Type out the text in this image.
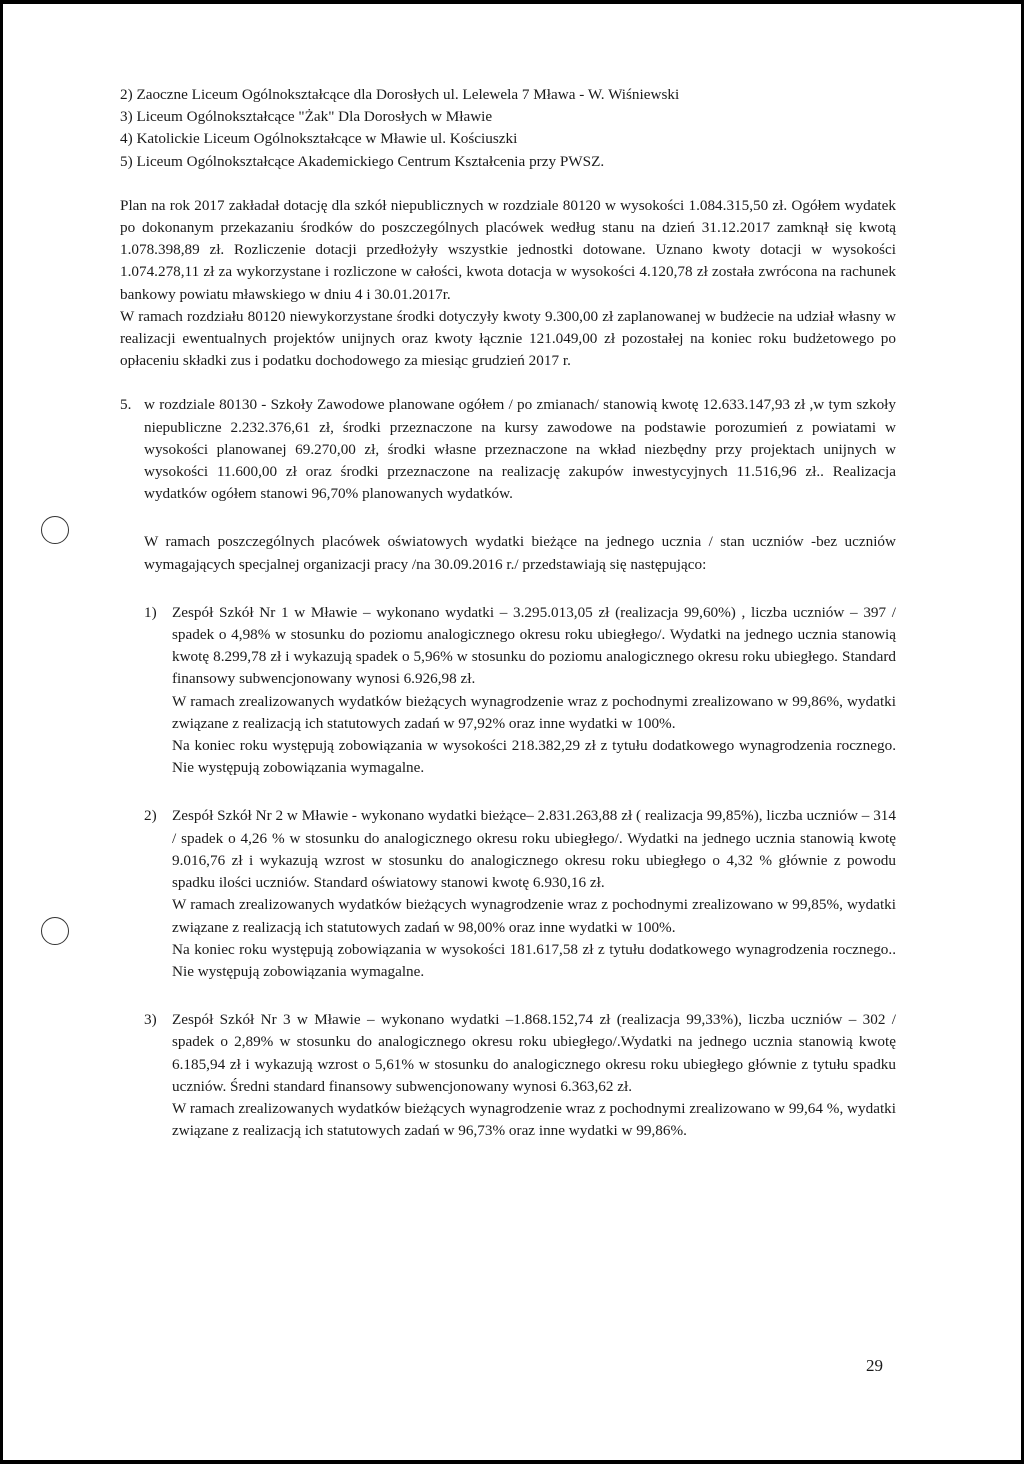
2) Zaoczne Liceum Ogólnokształcące dla Dorosłych ul. Lelewela 7 Mława - W. Wiśniewski

3) Liceum Ogólnokształcące "Żak" Dla Dorosłych w Mławie

4) Katolickie Liceum Ogólnokształcące w Mławie ul. Kościuszki

5) Liceum Ogólnokształcące Akademickiego Centrum Kształcenia przy PWSZ.

Plan na rok 2017 zakładał dotację dla szkół niepublicznych w rozdziale 80120 w wysokości 1.084.315,50 zł. Ogółem wydatek po dokonanym przekazaniu środków do poszczególnych placówek według stanu na dzień 31.12.2017 zamknął się kwotą 1.078.398,89 zł. Rozliczenie dotacji przedłożyły wszystkie jednostki dotowane. Uznano kwoty dotacji w wysokości 1.074.278,11 zł za wykorzystane i rozliczone w całości, kwota dotacja w wysokości 4.120,78 zł została zwrócona na rachunek bankowy powiatu mławskiego w dniu 4 i 30.01.2017r.

W ramach rozdziału 80120 niewykorzystane środki dotyczyły kwoty 9.300,00 zł zaplanowanej w budżecie na udział własny w realizacji ewentualnych projektów unijnych oraz kwoty łącznie 121.049,00 zł pozostałej na koniec roku budżetowego po opłaceniu składki zus i podatku dochodowego za miesiąc grudzień 2017 r.

5. w rozdziale 80130 - Szkoły Zawodowe planowane ogółem / po zmianach/ stanowią kwotę 12.633.147,93 zł ,w tym szkoły niepubliczne 2.232.376,61 zł, środki przeznaczone na kursy zawodowe na podstawie porozumień z powiatami w wysokości planowanej 69.270,00 zł, środki własne przeznaczone na wkład niezbędny przy projektach unijnych w wysokości 11.600,00 zł oraz środki przeznaczone na realizację zakupów inwestycyjnych 11.516,96 zł.. Realizacja wydatków ogółem stanowi 96,70% planowanych wydatków.

W ramach poszczególnych placówek oświatowych wydatki bieżące na jednego ucznia / stan uczniów -bez uczniów wymagających specjalnej organizacji pracy /na 30.09.2016 r./ przedstawiają się następująco:

1)	Zespół Szkół Nr 1 w Mławie – wykonano wydatki – 3.295.013,05 zł (realizacja 99,60%) , liczba uczniów – 397 / spadek o 4,98% w stosunku do poziomu analogicznego okresu roku ubiegłego/. Wydatki na jednego ucznia stanowią kwotę 8.299,78 zł i wykazują spadek o 5,96% w stosunku do poziomu analogicznego okresu roku ubiegłego. Standard finansowy subwencjonowany wynosi 6.926,98 zł.

W ramach zrealizowanych wydatków bieżących wynagrodzenie wraz z pochodnymi zrealizowano w 99,86%, wydatki związane z realizacją ich statutowych zadań w 97,92% oraz inne wydatki w 100%.

Na koniec roku występują zobowiązania w wysokości 218.382,29 zł z tytułu dodatkowego wynagrodzenia rocznego. Nie występują zobowiązania wymagalne.

2)	Zespół Szkół Nr 2 w Mławie - wykonano wydatki bieżące– 2.831.263,88 zł ( realizacja 99,85%), liczba uczniów – 314 / spadek o 4,26 % w stosunku do analogicznego okresu roku ubiegłego/. Wydatki na jednego ucznia stanowią kwotę 9.016,76 zł i wykazują wzrost w stosunku do analogicznego okresu roku ubiegłego o 4,32 % głównie z powodu spadku ilości uczniów. Standard oświatowy stanowi kwotę 6.930,16 zł.

W ramach zrealizowanych wydatków bieżących wynagrodzenie wraz z pochodnymi zrealizowano w 99,85%, wydatki związane z realizacją ich statutowych zadań w 98,00% oraz inne wydatki w 100%.

Na koniec roku występują zobowiązania w wysokości 181.617,58 zł z tytułu dodatkowego wynagrodzenia rocznego.. Nie występują zobowiązania wymagalne.

3)	Zespół Szkół Nr 3 w Mławie – wykonano wydatki –1.868.152,74 zł (realizacja 99,33%), liczba uczniów – 302 / spadek o 2,89% w stosunku do analogicznego okresu roku ubiegłego/.Wydatki na jednego ucznia stanowią kwotę 6.185,94 zł i wykazują wzrost o 5,61% w stosunku do analogicznego okresu roku ubiegłego głównie z tytułu spadku uczniów. Średni standard finansowy subwencjonowany wynosi 6.363,62 zł.

W ramach zrealizowanych wydatków bieżących wynagrodzenie wraz z pochodnymi zrealizowano w 99,64 %, wydatki związane z realizacją ich statutowych zadań w 96,73% oraz inne wydatki w 99,86%.

29
